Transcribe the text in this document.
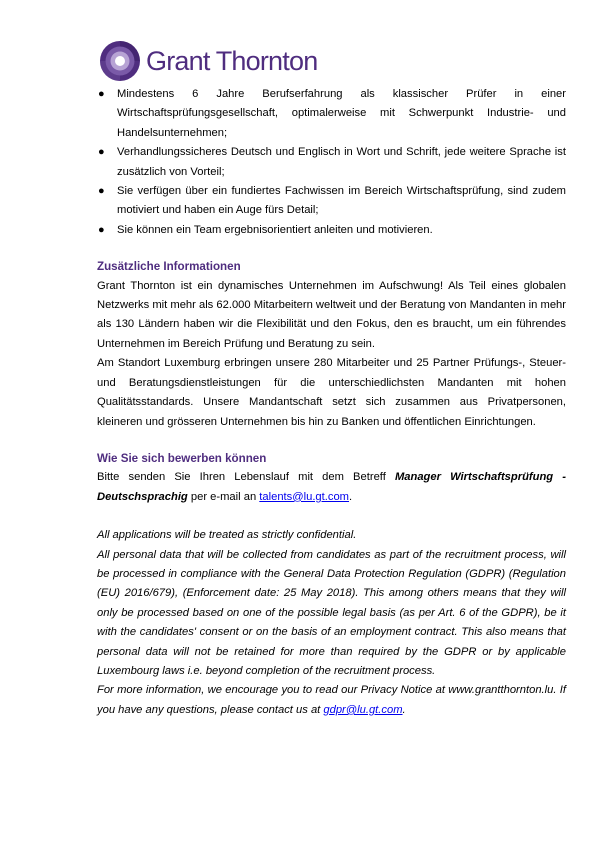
Grant Thornton
● Mindestens 6 Jahre Berufserfahrung als klassischer Prüfer in einer Wirtschaftsprüfungsgesellschaft, optimalerweise mit Schwerpunkt Industrie- und Handelsunternehmen;
● Verhandlungssicheres Deutsch und Englisch in Wort und Schrift, jede weitere Sprache ist zusätzlich von Vorteil;
● Sie verfügen über ein fundiertes Fachwissen im Bereich Wirtschaftsprüfung, sind zudem motiviert und haben ein Auge fürs Detail;
● Sie können ein Team ergebnisorientiert anleiten und motivieren.
Zusätzliche Informationen

Grant Thornton ist ein dynamisches Unternehmen im Aufschwung! Als Teil eines globalen Netzwerks mit mehr als 62.000 Mitarbeitern weltweit und der Beratung von Mandanten in mehr als 130 Ländern haben wir die Flexibilität und den Fokus, den es braucht, um ein führendes Unternehmen im Bereich Prüfung und Beratung zu sein.

Am Standort Luxemburg erbringen unsere 280 Mitarbeiter und 25 Partner Prüfungs-, Steuer- und Beratungsdienstleistungen für die unterschiedlichsten Mandanten mit hohen Qualitätsstandards. Unsere Mandantschaft setzt sich zusammen aus Privatpersonen, kleineren und grösseren Unternehmen bis hin zu Banken und öffentlichen Einrichtungen.

Wie Sie sich bewerben können

Bitte senden Sie Ihren Lebenslauf mit dem Betreff Manager Wirtschaftsprüfung - Deutschsprachig per e-mail an talents@lu.gt.com.

All applications will be treated as strictly confidential.

All personal data that will be collected from candidates as part of the recruitment process, will be processed in compliance with the General Data Protection Regulation (GDPR) (Regulation (EU) 2016/679), (Enforcement date: 25 May 2018). This among others means that they will only be processed based on one of the possible legal basis (as per Art. 6 of the GDPR), be it with the candidates' consent or on the basis of an employment contract. This also means that personal data will not be retained for more than required by the GDPR or by applicable Luxembourg laws i.e. beyond completion of the recruitment process.

For more information, we encourage you to read our Privacy Notice at www.grantthornton.lu. If you have any questions, please contact us at gdpr@lu.gt.com.
